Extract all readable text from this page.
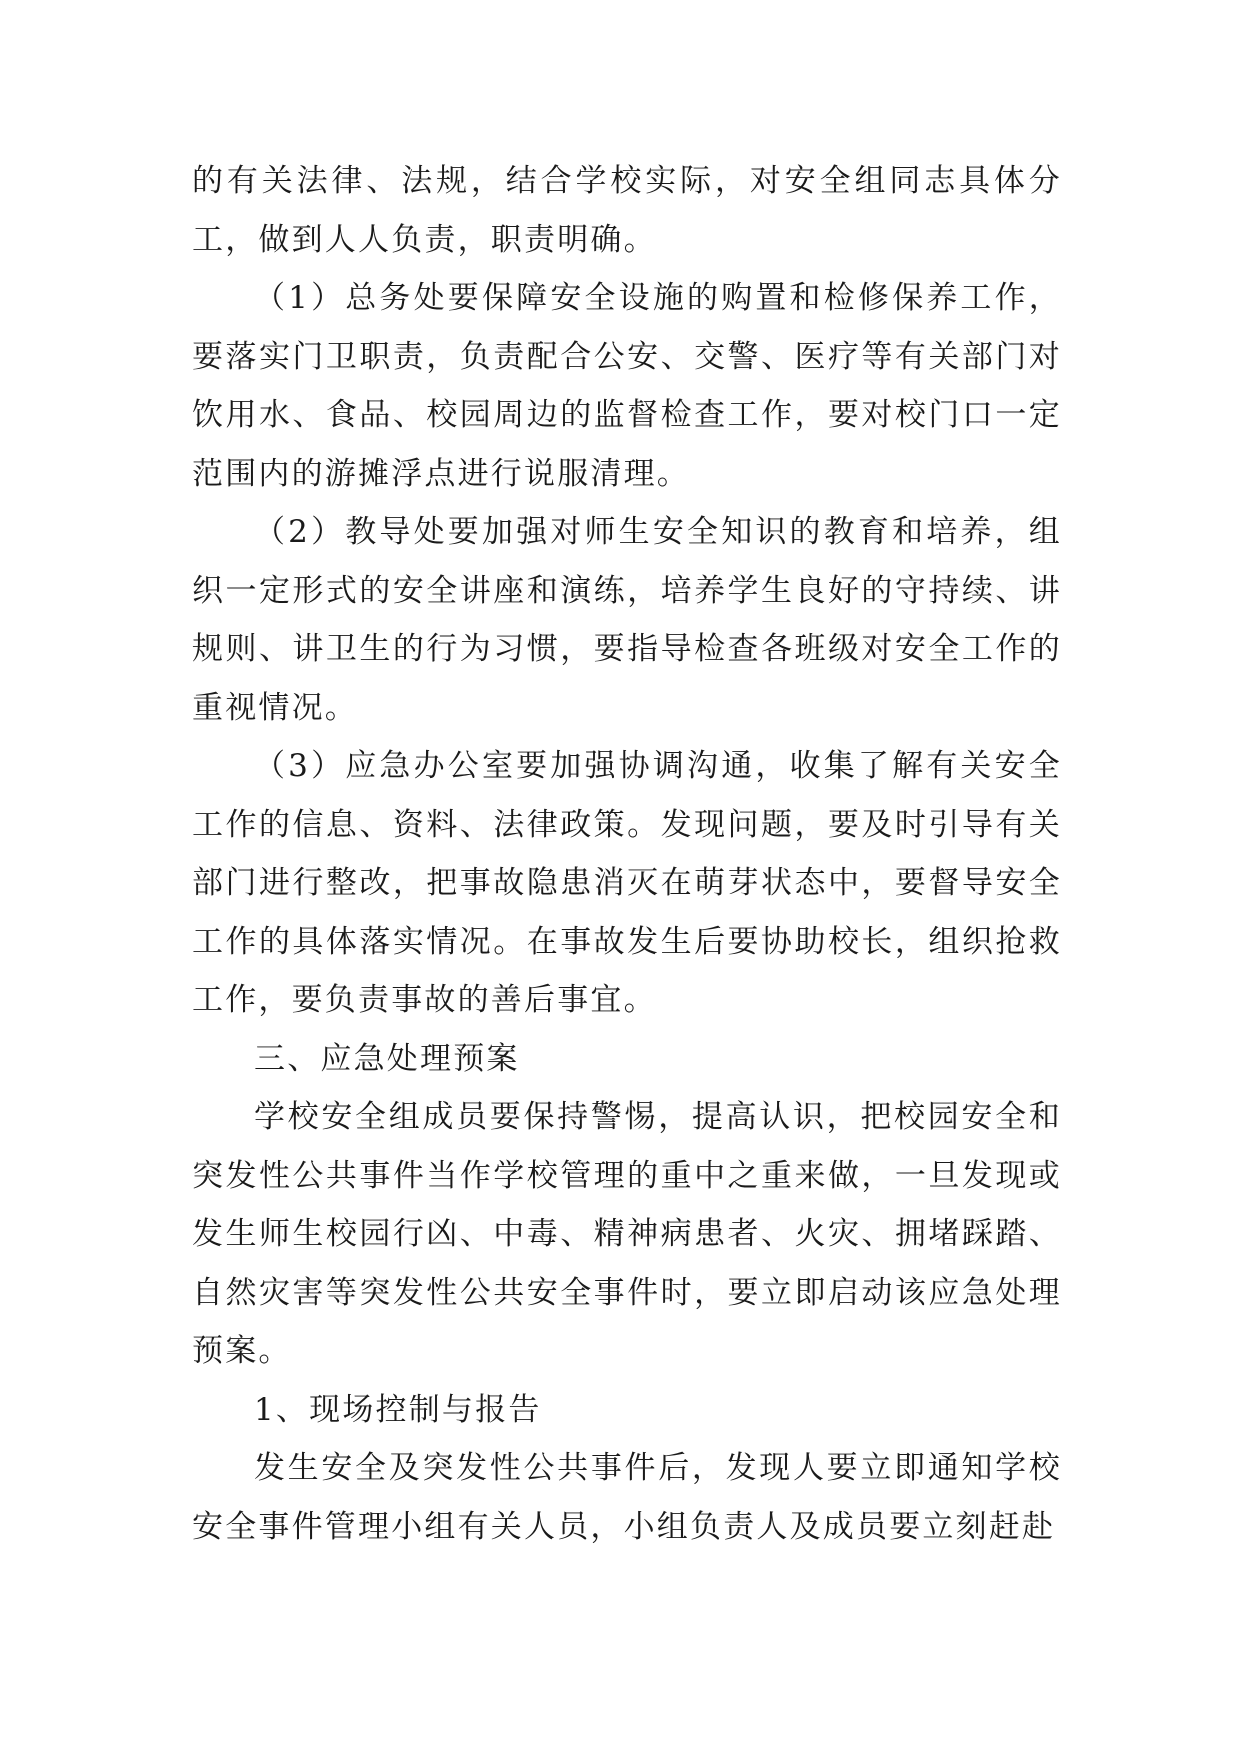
的有关法律、法规，结合学校实际，对安全组同志具体分工，做到人人负责，职责明确。

（1）总务处要保障安全设施的购置和检修保养工作，要落实门卫职责，负责配合公安、交警、医疗等有关部门对饮用水、食品、校园周边的监督检查工作，要对校门口一定范围内的游摊浮点进行说服清理。

（2）教导处要加强对师生安全知识的教育和培养，组织一定形式的安全讲座和演练，培养学生良好的守持续、讲规则、讲卫生的行为习惯，要指导检查各班级对安全工作的重视情况。

（3）应急办公室要加强协调沟通，收集了解有关安全工作的信息、资料、法律政策。发现问题，要及时引导有关部门进行整改，把事故隐患消灭在萌芽状态中，要督导安全工作的具体落实情况。在事故发生后要协助校长，组织抢救工作，要负责事故的善后事宜。

三、应急处理预案

学校安全组成员要保持警惕，提高认识，把校园安全和突发性公共事件当作学校管理的重中之重来做，一旦发现或发生师生校园行凶、中毒、精神病患者、火灾、拥堵踩踏、自然灾害等突发性公共安全事件时，要立即启动该应急处理预案。

1、现场控制与报告

发生安全及突发性公共事件后，发现人要立即通知学校安全事件管理小组有关人员，小组负责人及成员要立刻赶赴
